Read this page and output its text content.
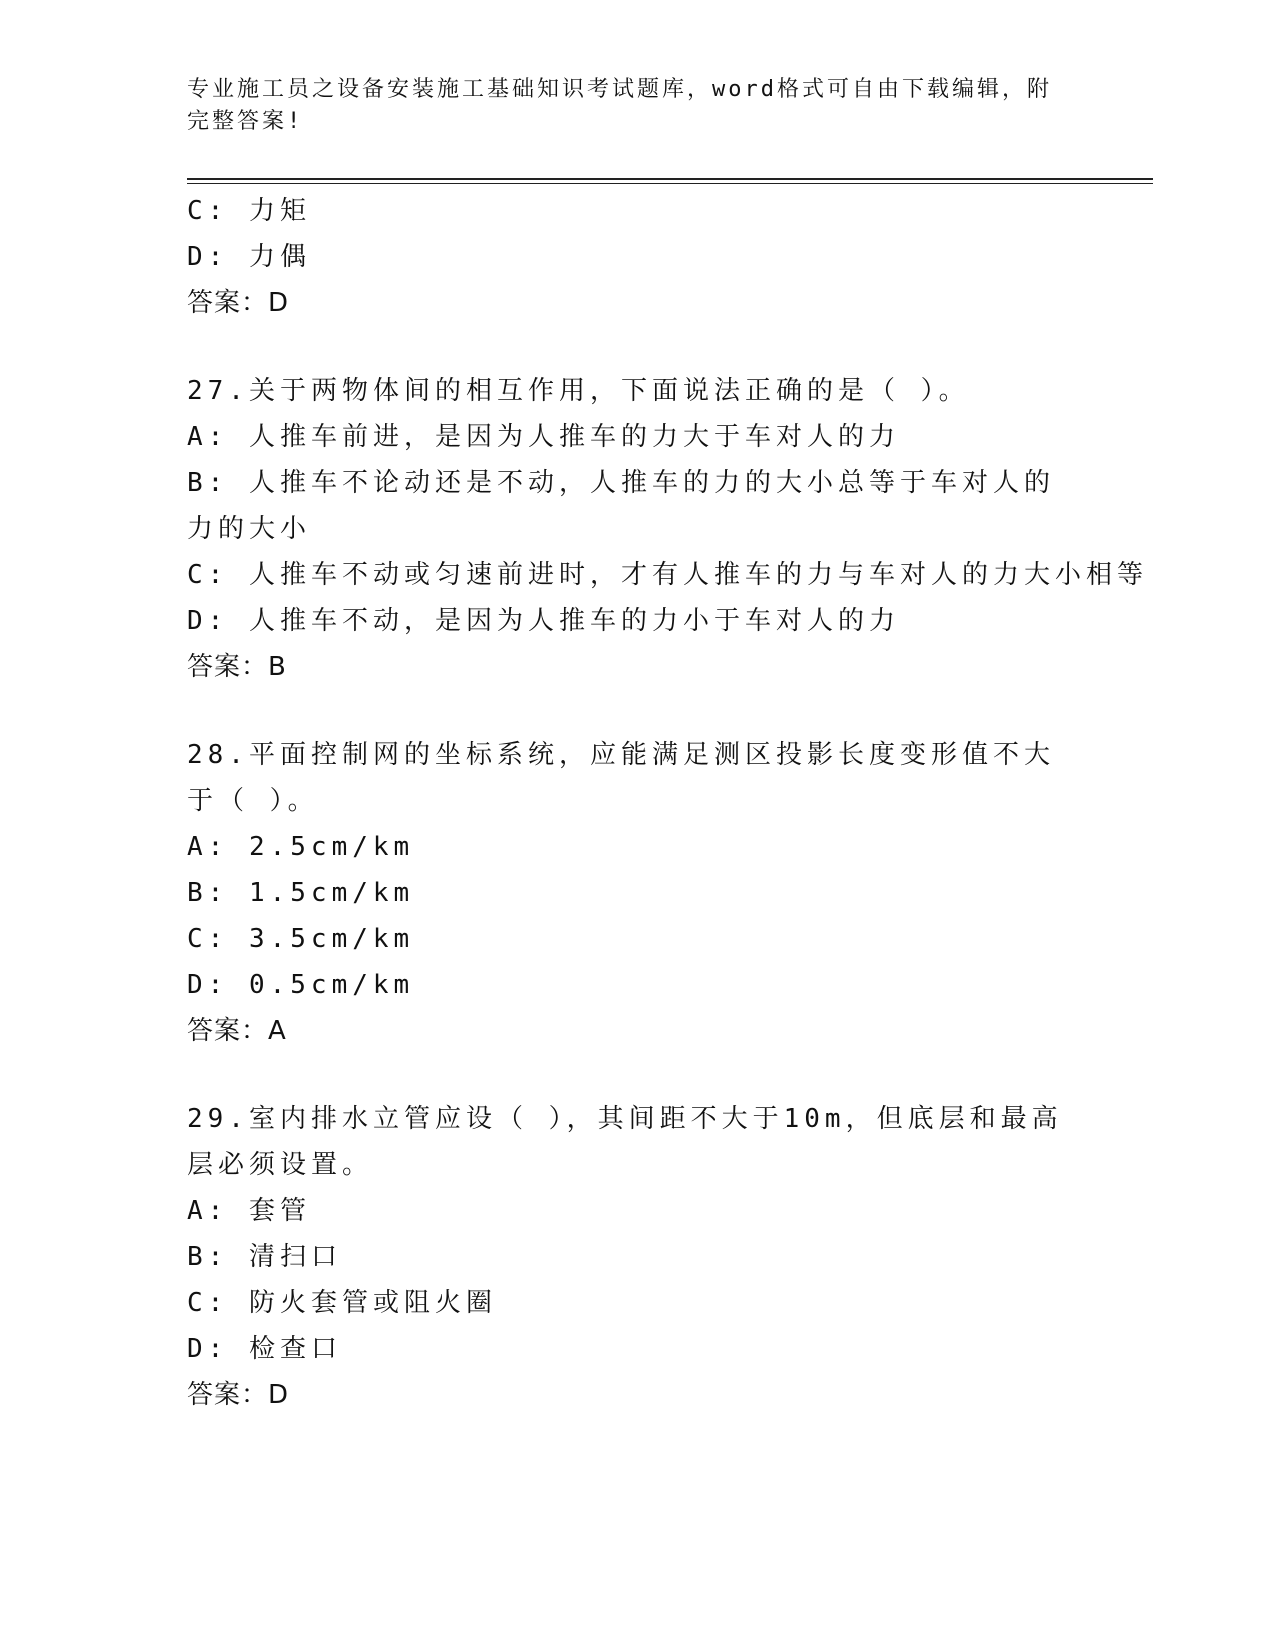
专业施工员之设备安装施工基础知识考试题库，word格式可自由下载编辑，附完整答案!
C: 力矩
D: 力偶
答案：D
27.关于两物体间的相互作用，下面说法正确的是（ ）。
A: 人推车前进，是因为人推车的力大于车对人的力
B: 人推车不论动还是不动，人推车的力的大小总等于车对人的力的大小
C: 人推车不动或匀速前进时，才有人推车的力与车对人的力大小相等
D: 人推车不动，是因为人推车的力小于车对人的力
答案：B
28.平面控制网的坐标系统，应能满足测区投影长度变形值不大于（ ）。
A: 2.5cm/km
B: 1.5cm/km
C: 3.5cm/km
D: 0.5cm/km
答案：A
29.室内排水立管应设（ ），其间距不大于10m，但底层和最高层必须设置。
A: 套管
B: 清扫口
C: 防火套管或阻火圈
D: 检查口
答案：D
